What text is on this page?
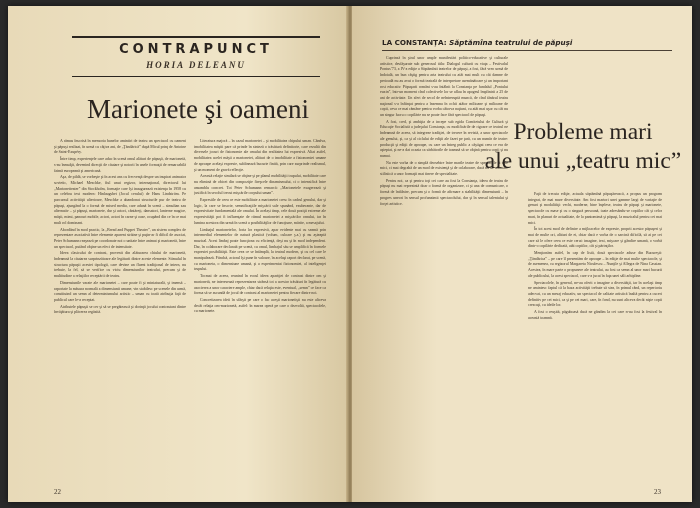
CONTRAPUNCT
HORIA DELEANU
Marionete şi oameni

A rămas înscrisă în memoria bunelor amintiri de teatru un spectacol cu oameni şi păpuşi realizat, în urmă cu câţiva ani, de „Ţăndărică” după Micul prinţ de Antoine de Saint-Exupéry.

Între timp, experienţele care aduc în scenă omul alături de păpuşă, de marionetă, s-au înmulţit, devenind direcţii de căutare şi notorii în unele formaţii de remarcabilă faimă europeană şi americană.

Aşa, de pildă, se vorbeşte şi în acest ans cu frecvenţă despre un inspirat animator sovietic, Michael Meschke, fiul unui regizor, internaţional, directorul lui „Marionetteater” din Stockholm, formaţie care îşi inaugurează existenţa în 1958 cu un celebru text modern: Hinlaugsbet (Jocul cerului) de Hans Lindström. Pe parcursul activităţii ulterioare, Meschke a abandonat structurile pur de teatru de păpuşi, ajungând la o formă de mixed media, care adună în scenă – simultan sau alternativ – şi păpuşi, marionete, dar şi actori, cântăreţi, dansatori, lanterne magice, măşti, mimi, panouri mobile, actori, actori în carne şi oase, ocupând din ce în ce mai mult rol dominant.

Abordând în mod practic, la „Bread and Puppet Theater”, un sistem complex de reprezentare asociativă între elemente aparent străine şi puţin-ar fi dificil de asociat, Peter Schumann reaşează pe coordonate noi o unitate între animat şi marionetă, între un spectacol, putând obţine un efect de intensitate.

Ideea clasicului de contrast, provenit din alăturarea chiului de marionetă, îndeamnă la căutarea surprinzătoare ale legăturii dintre aceste elemente. Stimulul în structura păpuşii acestei tipologii, care devine un fluent tradiţional de intern, nu trebuie, la fel, să se verifice cu viciu dimensiunilor teatrului, precum şi de multitudine a relaţiilor receptării de teatru.

Dimensiunile varate ale marionetei – care poate fi şi miniaturală, şi imensă – raportate la măsura normală a dimensiunii umane, vin stabilesc pe scenele din urmă, constituind un semn al determinismului artistic – uman cu toată atribuţia faţă de publicul care le-a receptat.

Atributele păpuşii se cer şi să se pregătească şi dorinţă jocului contrastant dintre învăţătura şi plăcerea regăsită.

Literatura majoră – în cazul marionetei – şi mobilitatea chipului uman. Cândva, imobilitatea măştii pare că prinde în sinteză o trăsătură definitorie, care rezultă din diversele jocuri de fizionomie ale omului din realitatea lui expresivă. Aliat astfel, mobilitatea acelei măşti a marionetei, alături de o imobilitate a fizionomiei umane de aproape acelaşi expresie, sublinează bucurie finită, prin care surprinde realismul, şi un moment de gravă reflecţie.

Această relaţie similară se obţine şi pe planul mobilităţii trupului, mobilitate care nu elimină de obicei din compoziţie fireşcele dinamismului, ci o intensifică între ansamblu concret. Tot Peter Schumann remarcă: „Marionetele exagerează şi justifică în secolul trecut mişcările corpului uman”.

Expresiile de ceea ce este mobilitate a marionetei cresc în cadrul genului, dar şi logic, la care se înscrie, semnificaţiile mişcării sale spunând, exuberante, dar de expresivitate fundamentală ale omului. În același timp, cele două poziţii extreme ale expresivităţii pot fi influenţate de ritmul marionetei a mişcărilor ornului, iar în lumina acestora din urmă în scenă a posibilităţilor de funcţiune, mărite, a mesajului.

Limbajul marionetelor, forta lor expresivă, apar evidente mai cu seamă prin intermediul elementelor de natură plastică (volum, culoare ş.a.) şi nu aşteaptă muzical. Acest limbaj poate funcţiona cu eficienţă, deşi nu şi în mod independent. Dar, în colaborare declarată pe scenă, cu omul, limbajul său se amplifică în formele expresiei posibilităţii. Este ceea ce se întâmplă, la teatrul modern, şi cu cel care le manipulează. Fiindcă, actorul îşi pune în valoare, în acelaşi raport declarat, pe scenă, cu marioneta, o dimensiune umană, şi a experimentat fizionomiei, al inteligenţei trupului.

Tocmai de aceea, reunind în ecoul ideea apariţiei de contrast dintre om şi marionetă, ne interesează reprezentarea strânsă tot a acestor trăsături în legătură cu asocierea a unor caractere ample, chiar dacă relaţia este, eventual, „semn” ce face ca forma să se ascundă de jocul de contrast al marionetei pentru fiecare dintre noi.

Concretizarea ideii în sfârşit pe care o fac aceşti marionetişti nu este altceva decât relaţia om-marionetă, astfel: în marea operă pe care o dezvoltă, spectacolele, cu marionete.

22
LA CONSTANȚA: Săptămîna teatrului de păpuşi

Cuprinsă în şirul unor ample manifestări politico-educative şi culturale artistice, desfăşurate sub generosul titlu: Dialogul culturii cu viaţa – Festivalul Pontus’73, a IV-a ediţie a Săptămînii teatrelor de păpuşi, a fost, fără vreo urmă de îndoială, un bun câştig pentru arta teatrului cu atât mai mult cu cât damne de perioadă nu au avut o formă teatrală de interpretare asemănătoare şi un important rost educativ. Păpuşarii români s-au întâlnit la Constanţa pe fundalul „Pontului euxin”, într-un moment cînd colectivele lor se aflau în apogeul împlinirii a 25 de ani de activitate. Un sfert de secol de neîntreruptă muncă, de cînd tânărul teatru naţional s-a înfiinţat pentru a însemna în ochii atâtor milioane şi milioane de copii, ceva ce mai rămâne pentru vorba câtorva naţiuni, cu atât mai uşor cu cât nu un singur lucru o copilărie nu se poate face fără spectacol de păpuşi.

A fost, cred, şi ambiţia de a incepe sub egida Comitetului de Cultură şi Educaţie Socialistă a judeţului Constanţa, cu modificările de rigoare ce teatrul ne îndeamnă de aceea, să integreze tradiţiei, de trecere în revistă, a unor spectacole ale genului, şi, ca şi al ciclului de ediţii ale fazei pe ţară, cu un număr de teatre: producţii şi ediţii de aproape, cu care un întreg public a câştigat ceea ce era de aşteptat, şi ne-a dat ocazia ca sărbătorile de toamnă să se obţină pentru copii şi nu numai.

Nu este vorba de o simplă deosebire între marile teatre de spectacole şi cele mici, ci mai degrabă de un mod de existenţă şi de colaborare, dacă nu de afirmare stilistică a unor formaţii mai tinere de specialitate.

Pentru noi, ca şi pentru toţi cei care au fost la Constanţa, ideea de teatru de păpuşi nu mai reprezintă doar o formă de organizare, ci şi una de comunicare, o formă de întâlnire, precum şi o formă de afirmare a stabilităţii dimensiunii – în progres uneori în sensul profunzimii spectacolului, dar şi în sensul talentului şi forţei artistice.

Probleme mari
ale unui „teatru mic”

Faţă de trecuta ediţie, actuala săptămînă păpuşărească, a propus un program integrat, de mai mare diversitate. Am fost martori unei gamme largi de variaţie de genuri şi modalităţi: vechi, moderne, bine înţelese, teatru de păpuşi şi marionete, spectacole cu mase şi cu o singură persoană, toate adresându-se copiilor cât şi celor mari, în planuri de actualitate, de la pantomimă şi păpuşi, la muzicalul pentru cei mai mici.

În tot acest mod de definire a mijloacelor de expresie, proprii acestor păpuşeri şi mai de multe ori, alături de ei, chiar dacă e vorba de o sarcină dificilă, să ai pe cei care să le ofere ceea ce este cerut: imagine, text, mişcare şi gândire umană, o vorbă dintr-o copilărie dedicată, atât copiilor, cât şi părinţilor.

Menţionăm astfel, în cap de listă, două spectacole aduse din Bucureşti: „Ţăndărica” – pe care îl prezentăm de aproape – în ediţie de mai multe spectacole, şi de asemenea, cu regizorul Margareta Niculescu – Nunţile şi Allegra de Nina Cassian. Acestea, în mare parte o propunere ale teatrului, au fost ca semn al unor mari bucurii ale publicului, la acest spectacol, care s-a jucat în faţa unei săli arhipline.

Spectacolele, în general, ne-au oferit o imagine a diversităţii, iar în acelaşi timp ne amintesc faptul că la baza activităţii trebuie să stea, în primul rând, un repertoriu adecvat, cu un mesaj educativ, un spectacol de calitate artistică înaltă pentru a cuceri definitiv pe cei mici, ca şi pe cei mari, care, în fond, nu sunt altceva decât nişte copii crescuţi, cu ideile lor.

A fost o reuşită, păguboasă dacă ne gândim la cei care n-au fost la festival în această toamnă.

23
